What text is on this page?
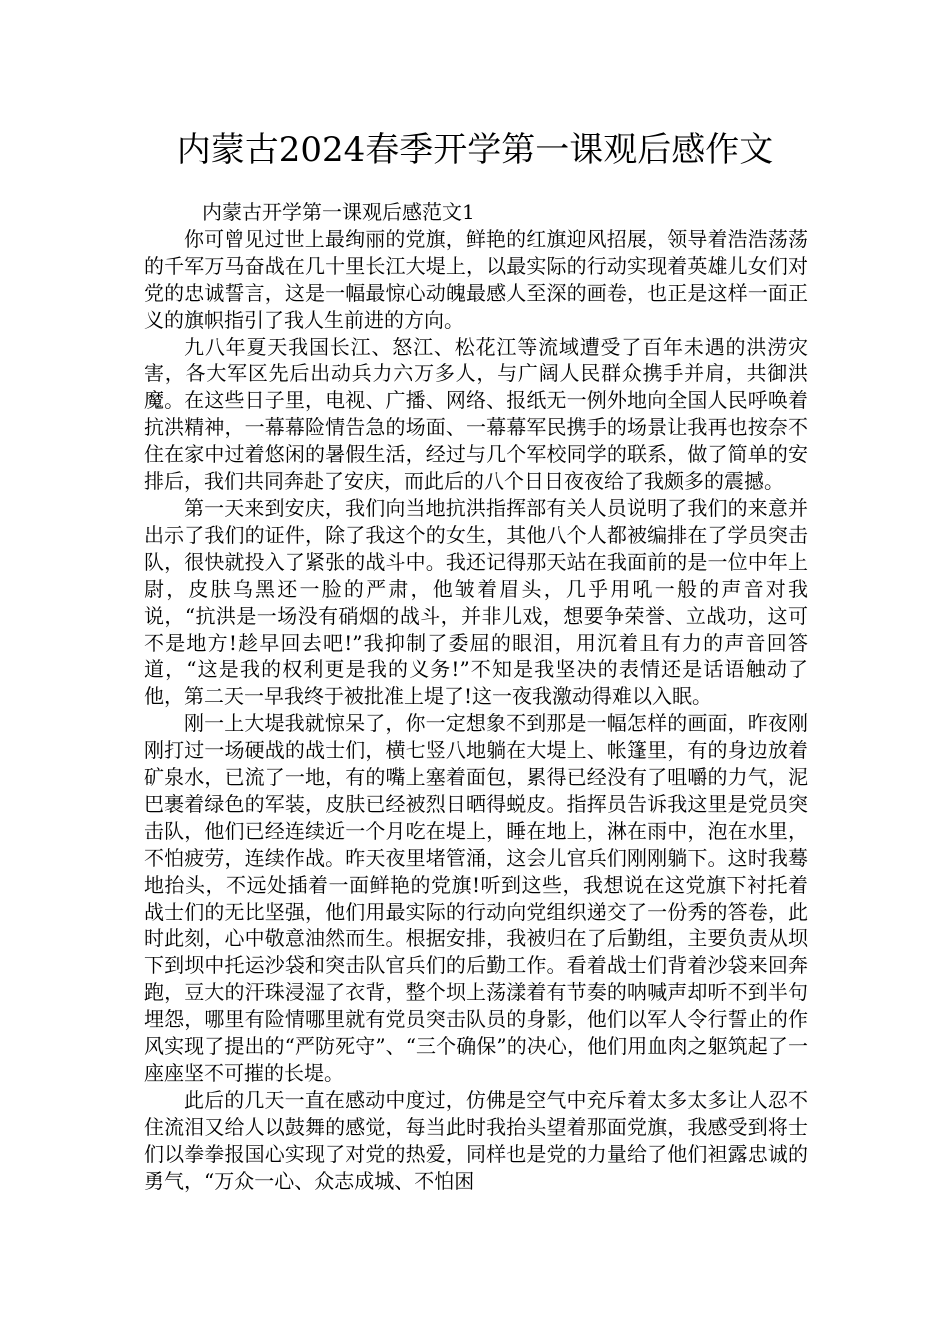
内蒙古2024春季开学第一课观后感作文

内蒙古开学第一课观后感范文1

你可曾见过世上最绚丽的党旗，鲜艳的红旗迎风招展，领导着浩浩荡荡的千军万马奋战在几十里长江大堤上，以最实际的行动实现着英雄儿女们对党的忠诚誓言，这是一幅最惊心动魄最感人至深的画卷，也正是这样一面正义的旗帜指引了我人生前进的方向。

九八年夏天我国长江、怒江、松花江等流域遭受了百年未遇的洪涝灾害，各大军区先后出动兵力六万多人，与广阔人民群众携手并肩，共御洪魔。在这些日子里，电视、广播、网络、报纸无一例外地向全国人民呼唤着抗洪精神，一幕幕险情告急的场面、一幕幕军民携手的场景让我再也按奈不住在家中过着悠闲的暑假生活，经过与几个军校同学的联系，做了简单的安排后，我们共同奔赴了安庆，而此后的八个日日夜夜给了我颇多的震撼。

第一天来到安庆，我们向当地抗洪指挥部有关人员说明了我们的来意并出示了我们的证件，除了我这个的女生，其他八个人都被编排在了学员突击队，很快就投入了紧张的战斗中。我还记得那天站在我面前的是一位中年上尉，皮肤乌黑还一脸的严肃，他皱着眉头，几乎用吼一般的声音对我说，“抗洪是一场没有硝烟的战斗，并非儿戏，想要争荣誉、立战功，这可不是地方!趁早回去吧!”我抑制了委屈的眼泪，用沉着且有力的声音回答道，“这是我的权利更是我的义务!”不知是我坚决的表情还是话语触动了他，第二天一早我终于被批准上堤了!这一夜我激动得难以入眠。

刚一上大堤我就惊呆了，你一定想象不到那是一幅怎样的画面，昨夜刚刚打过一场硬战的战士们，横七竖八地躺在大堤上、帐篷里，有的身边放着矿泉水，已流了一地，有的嘴上塞着面包，累得已经没有了咀嚼的力气，泥巴裹着绿色的军装，皮肤已经被烈日晒得蜕皮。指挥员告诉我这里是党员突击队，他们已经连续近一个月吃在堤上，睡在地上，淋在雨中，泡在水里，不怕疲劳，连续作战。昨天夜里堵管涌，这会儿官兵们刚刚躺下。这时我蓦地抬头，不远处插着一面鲜艳的党旗!听到这些，我想说在这党旗下衬托着战士们的无比坚强，他们用最实际的行动向党组织递交了一份秀的答卷，此时此刻，心中敬意油然而生。根据安排，我被归在了后勤组，主要负责从坝下到坝中托运沙袋和突击队官兵们的后勤工作。看着战士们背着沙袋来回奔跑，豆大的汗珠浸湿了衣背，整个坝上荡漾着有节奏的呐喊声却听不到半句埋怨，哪里有险情哪里就有党员突击队员的身影，他们以军人令行誓止的作风实现了提出的“严防死守”、“三个确保”的决心，他们用血肉之躯筑起了一座座坚不可摧的长堤。

此后的几天一直在感动中度过，仿佛是空气中充斥着太多太多让人忍不住流泪又给人以鼓舞的感觉，每当此时我抬头望着那面党旗，我感受到将士们以拳拳报国心实现了对党的热爱，同样也是党的力量给了他们袒露忠诚的勇气，“万众一心、众志成城、不怕困
